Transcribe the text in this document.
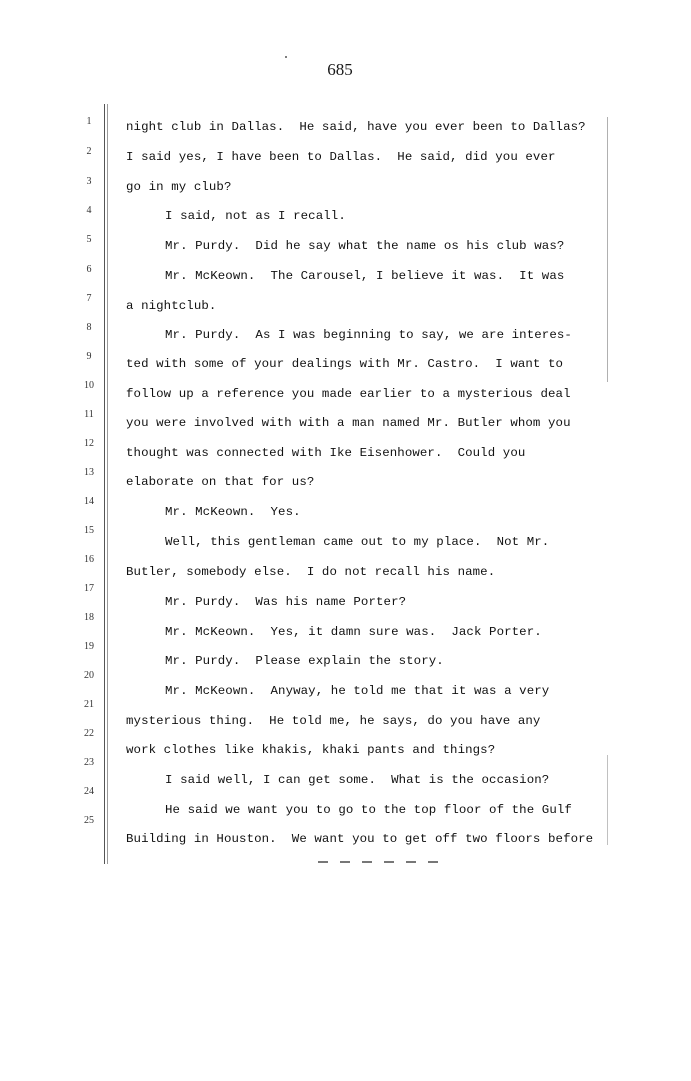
685
1
2
3
4
5
6
7
8
9
10
11
12
13
14
15
16
17
18
19
20
21
22
23
24
25
night club in Dallas.  He said, have you ever been to Dallas?
I said yes, I have been to Dallas.  He said, did you ever
go in my club?
I said, not as I recall.
Mr. Purdy.  Did he say what the name os his club was?
Mr. McKeown.  The Carousel, I believe it was.  It was
a nightclub.
Mr. Purdy.  As I was beginning to say, we are interes-
ted with some of your dealings with Mr. Castro.  I want to
follow up a reference you made earlier to a mysterious deal
you were involved with with a man named Mr. Butler whom you
thought was connected with Ike Eisenhower.  Could you
elaborate on that for us?
Mr. McKeown.  Yes.
Well, this gentleman came out to my place.  Not Mr.
Butler, somebody else.  I do not recall his name.
Mr. Purdy.  Was his name Porter?
Mr. McKeown.  Yes, it damn sure was.  Jack Porter.
Mr. Purdy.  Please explain the story.
Mr. McKeown.  Anyway, he told me that it was a very
mysterious thing.  He told me, he says, do you have any
work clothes like khakis, khaki pants and things?
I said well, I can get some.  What is the occasion?
He said we want you to go to the top floor of the Gulf
Building in Houston.  We want you to get off two floors before
